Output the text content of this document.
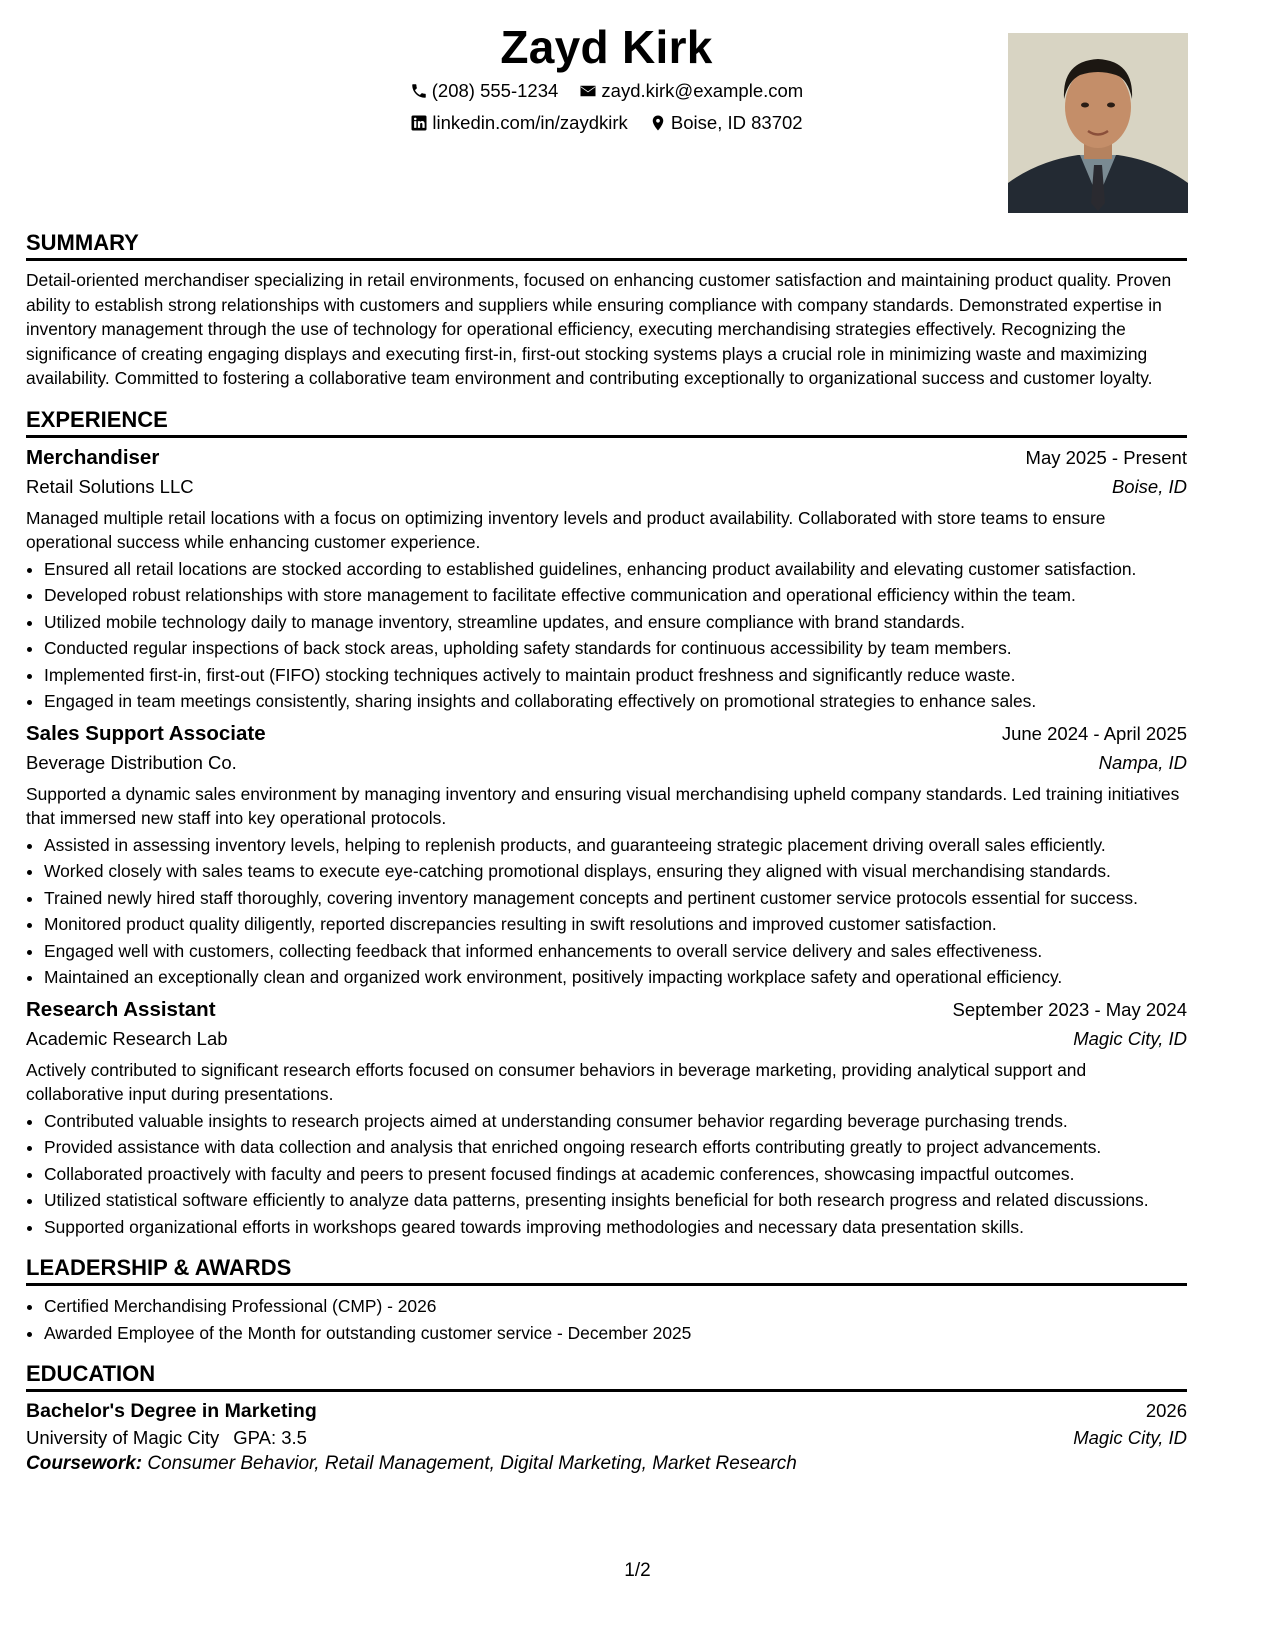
Zayd Kirk
(208) 555-1234 zayd.kirk@example.com
linkedin.com/in/zaydkirk Boise, ID 83702
SUMMARY
Detail-oriented merchandiser specializing in retail environments, focused on enhancing customer satisfaction and maintaining product quality. Proven ability to establish strong relationships with customers and suppliers while ensuring compliance with company standards. Demonstrated expertise in inventory management through the use of technology for operational efficiency, executing merchandising strategies effectively. Recognizing the significance of creating engaging displays and executing first-in, first-out stocking systems plays a crucial role in minimizing waste and maximizing availability. Committed to fostering a collaborative team environment and contributing exceptionally to organizational success and customer loyalty.
EXPERIENCE
Merchandiser	May 2025 - Present
Retail Solutions LLC	Boise, ID
Managed multiple retail locations with a focus on optimizing inventory levels and product availability. Collaborated with store teams to ensure operational success while enhancing customer experience.
• Ensured all retail locations are stocked according to established guidelines, enhancing product availability and elevating customer satisfaction.
• Developed robust relationships with store management to facilitate effective communication and operational efficiency within the team.
• Utilized mobile technology daily to manage inventory, streamline updates, and ensure compliance with brand standards.
• Conducted regular inspections of back stock areas, upholding safety standards for continuous accessibility by team members.
• Implemented first-in, first-out (FIFO) stocking techniques actively to maintain product freshness and significantly reduce waste.
• Engaged in team meetings consistently, sharing insights and collaborating effectively on promotional strategies to enhance sales.
Sales Support Associate	June 2024 - April 2025
Beverage Distribution Co.	Nampa, ID
Supported a dynamic sales environment by managing inventory and ensuring visual merchandising upheld company standards. Led training initiatives that immersed new staff into key operational protocols.
• Assisted in assessing inventory levels, helping to replenish products, and guaranteeing strategic placement driving overall sales efficiently.
• Worked closely with sales teams to execute eye-catching promotional displays, ensuring they aligned with visual merchandising standards.
• Trained newly hired staff thoroughly, covering inventory management concepts and pertinent customer service protocols essential for success.
• Monitored product quality diligently, reported discrepancies resulting in swift resolutions and improved customer satisfaction.
• Engaged well with customers, collecting feedback that informed enhancements to overall service delivery and sales effectiveness.
• Maintained an exceptionally clean and organized work environment, positively impacting workplace safety and operational efficiency.
Research Assistant	September 2023 - May 2024
Academic Research Lab	Magic City, ID
Actively contributed to significant research efforts focused on consumer behaviors in beverage marketing, providing analytical support and collaborative input during presentations.
• Contributed valuable insights to research projects aimed at understanding consumer behavior regarding beverage purchasing trends.
• Provided assistance with data collection and analysis that enriched ongoing research efforts contributing greatly to project advancements.
• Collaborated proactively with faculty and peers to present focused findings at academic conferences, showcasing impactful outcomes.
• Utilized statistical software efficiently to analyze data patterns, presenting insights beneficial for both research progress and related discussions.
• Supported organizational efforts in workshops geared towards improving methodologies and necessary data presentation skills.
LEADERSHIP & AWARDS
• Certified Merchandising Professional (CMP) - 2026
• Awarded Employee of the Month for outstanding customer service - December 2025
EDUCATION
Bachelor's Degree in Marketing	2026
University of Magic City GPA: 3.5	Magic City, ID
Coursework: Consumer Behavior, Retail Management, Digital Marketing, Market Research
1/2
